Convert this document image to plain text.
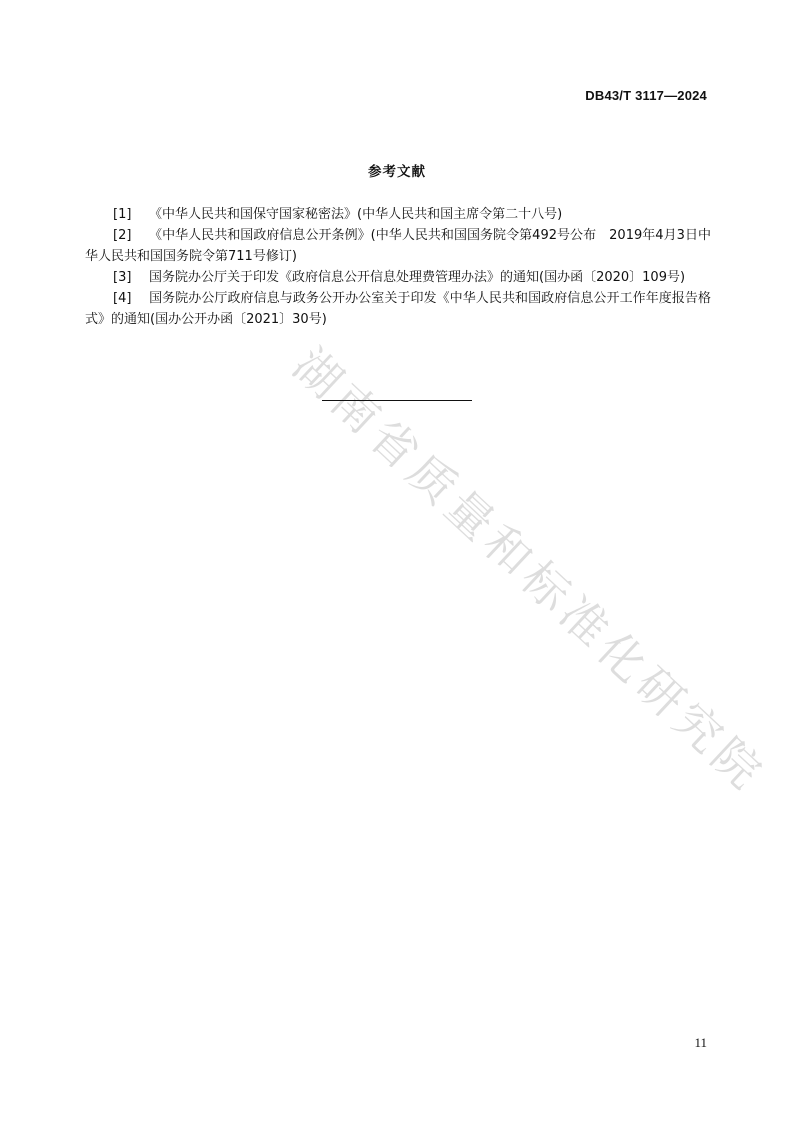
湖南省质量和标准化研究院
DB43/T 3117—2024
参考文献
[1] 《中华人民共和国保守国家秘密法》(中华人民共和国主席令第二十八号)
[2] 《中华人民共和国政府信息公开条例》(中华人民共和国国务院令第492号公布　2019年4月3日中华人民共和国国务院令第711号修订)
[3] 国务院办公厅关于印发《政府信息公开信息处理费管理办法》的通知(国办函〔2020〕109号)
[4] 国务院办公厅政府信息与政务公开办公室关于印发《中华人民共和国政府信息公开工作年度报告格式》的通知(国办公开办函〔2021〕30号)
11
